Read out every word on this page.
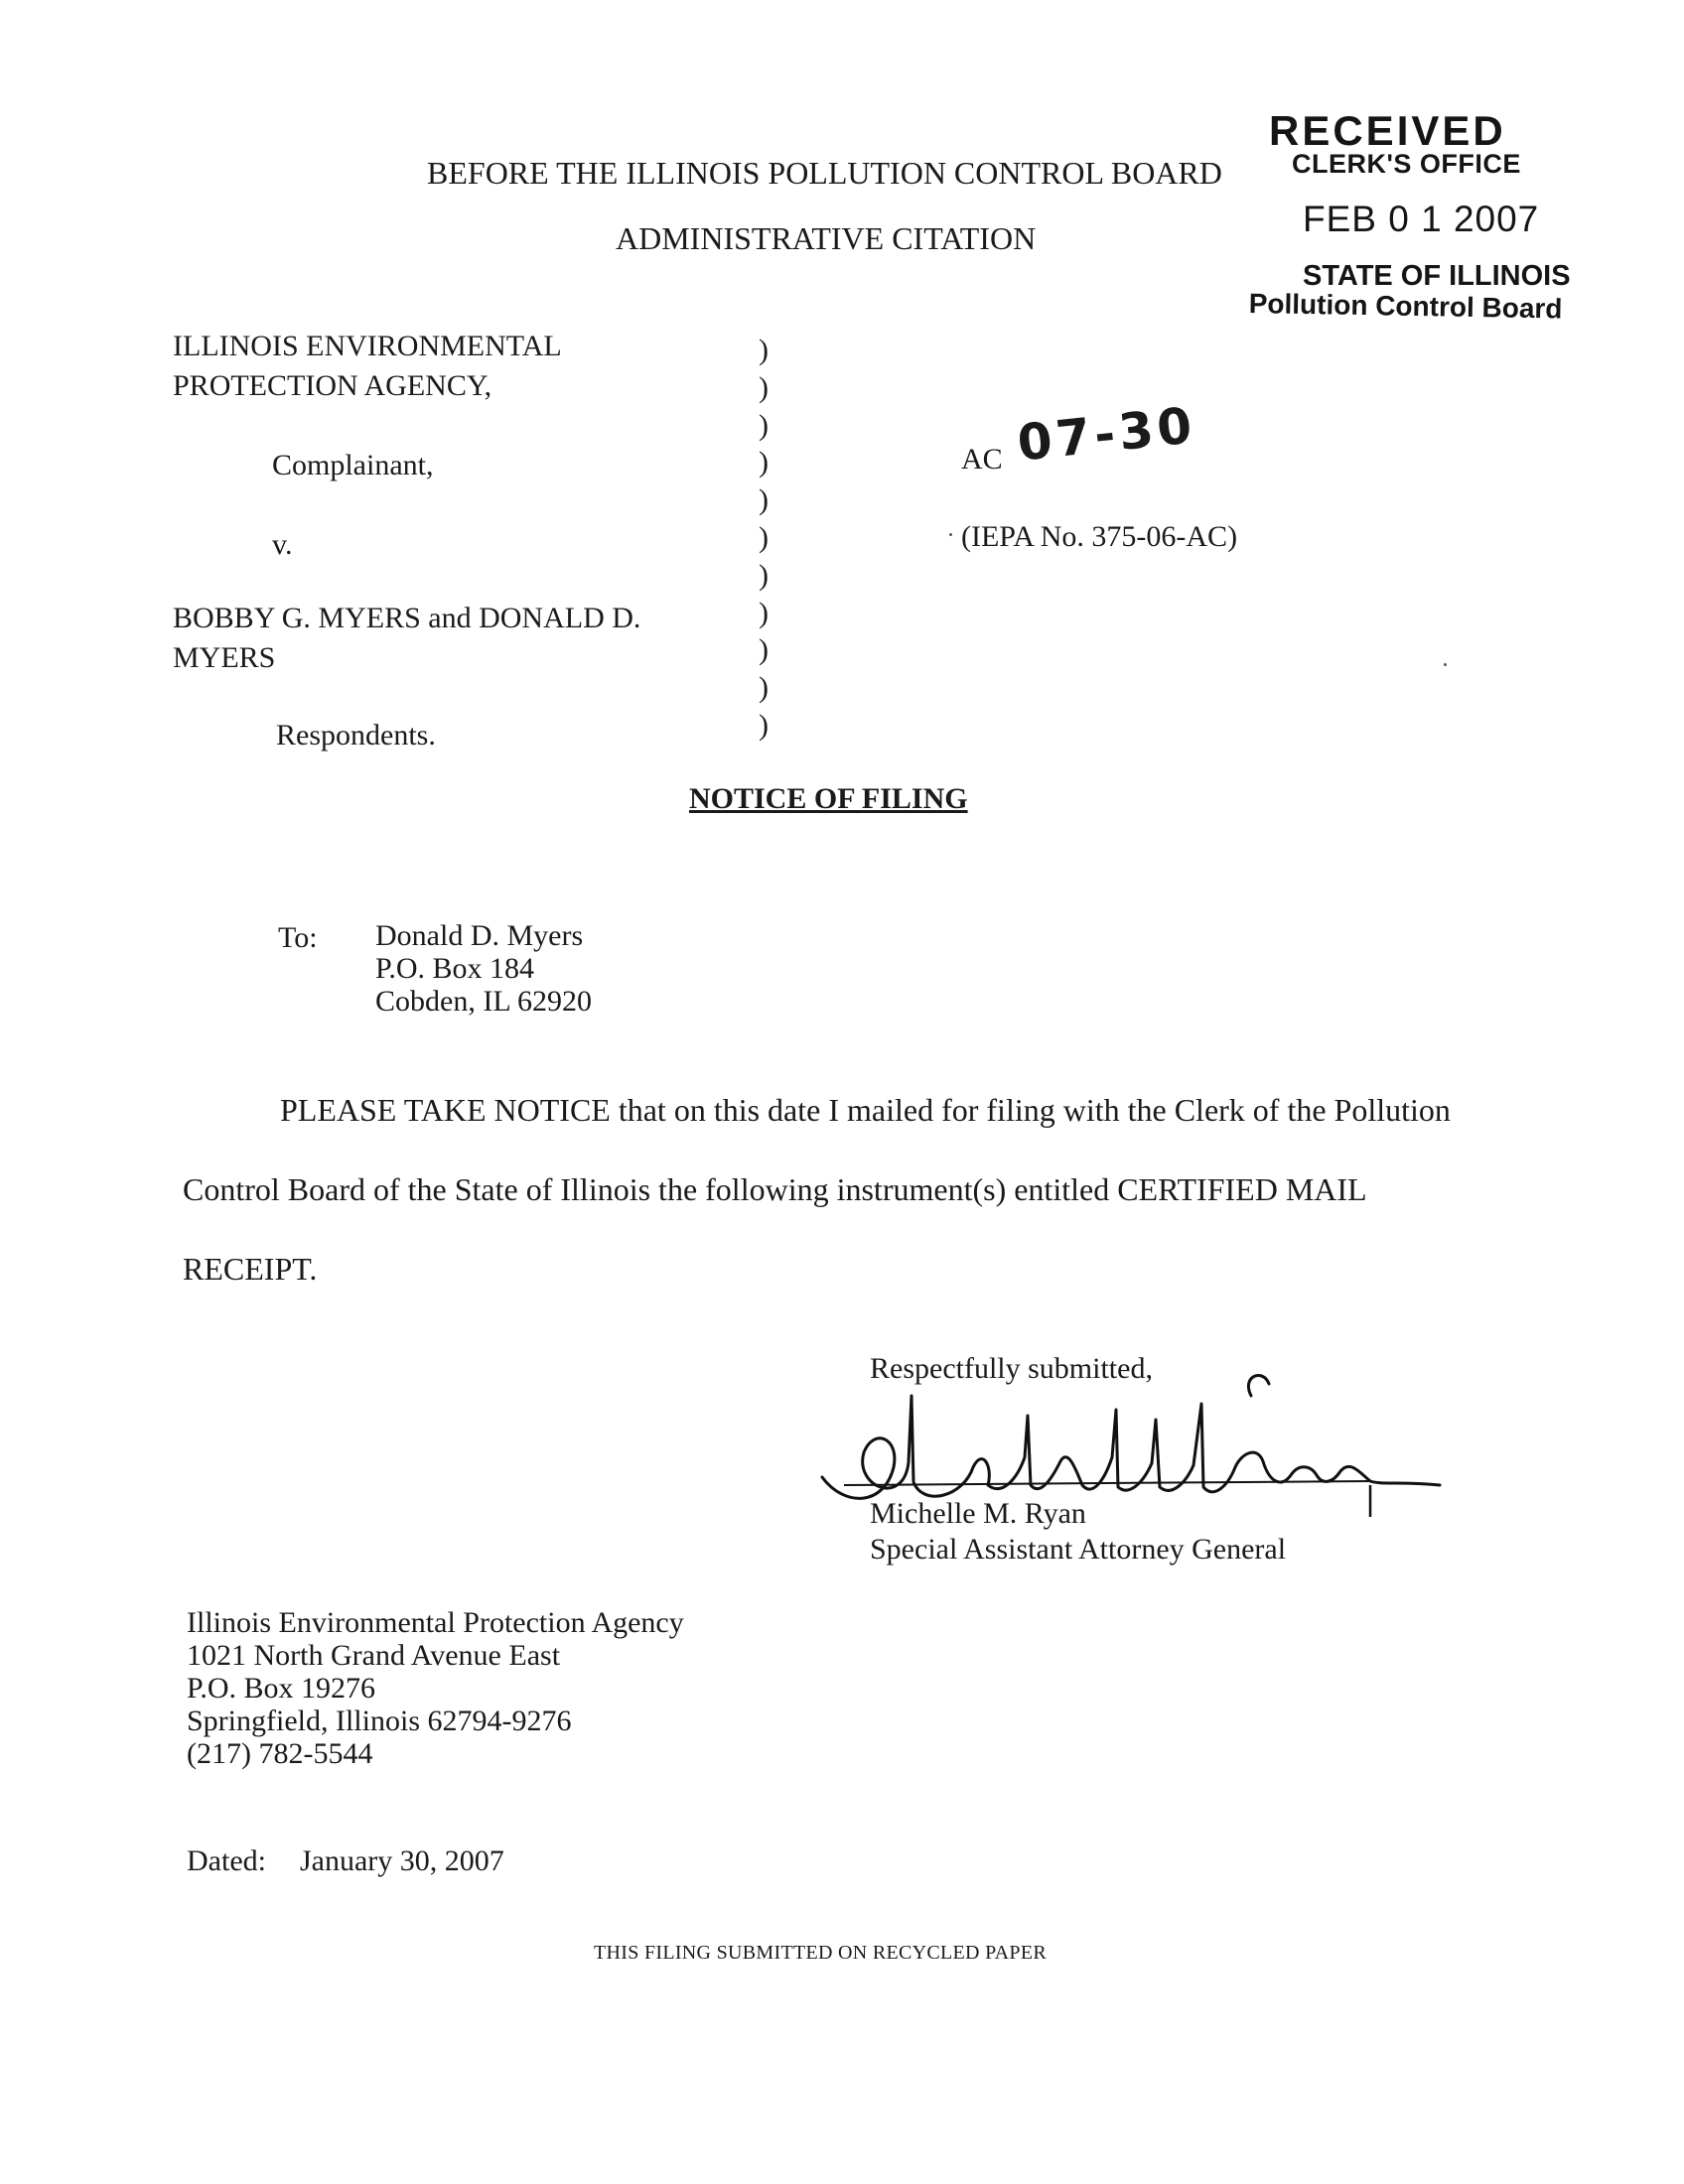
RECEIVED
CLERK'S OFFICE
FEB 0 1 2007
STATE OF ILLINOIS
Pollution Control Board
BEFORE THE ILLINOIS POLLUTION CONTROL BOARD
ADMINISTRATIVE CITATION
ILLINOIS ENVIRONMENTAL
PROTECTION AGENCY,
Complainant,
v.
BOBBY G. MYERS and DONALD D.
MYERS
Respondents.
)
)
)
)
)
)
)
)
)
)
)
AC 07-30
(IEPA No. 375-06-AC)
NOTICE OF FILING
To: Donald D. Myers
P.O. Box 184
Cobden, IL 62920
PLEASE TAKE NOTICE that on this date I mailed for filing with the Clerk of the Pollution
Control Board of the State of Illinois the following instrument(s) entitled CERTIFIED MAIL
RECEIPT.
Respectfully submitted,
Michelle M. Ryan
Special Assistant Attorney General
Illinois Environmental Protection Agency
1021 North Grand Avenue East
P.O. Box 19276
Springfield, Illinois 62794-9276
(217) 782-5544
Dated: January 30, 2007
THIS FILING SUBMITTED ON RECYCLED PAPER
